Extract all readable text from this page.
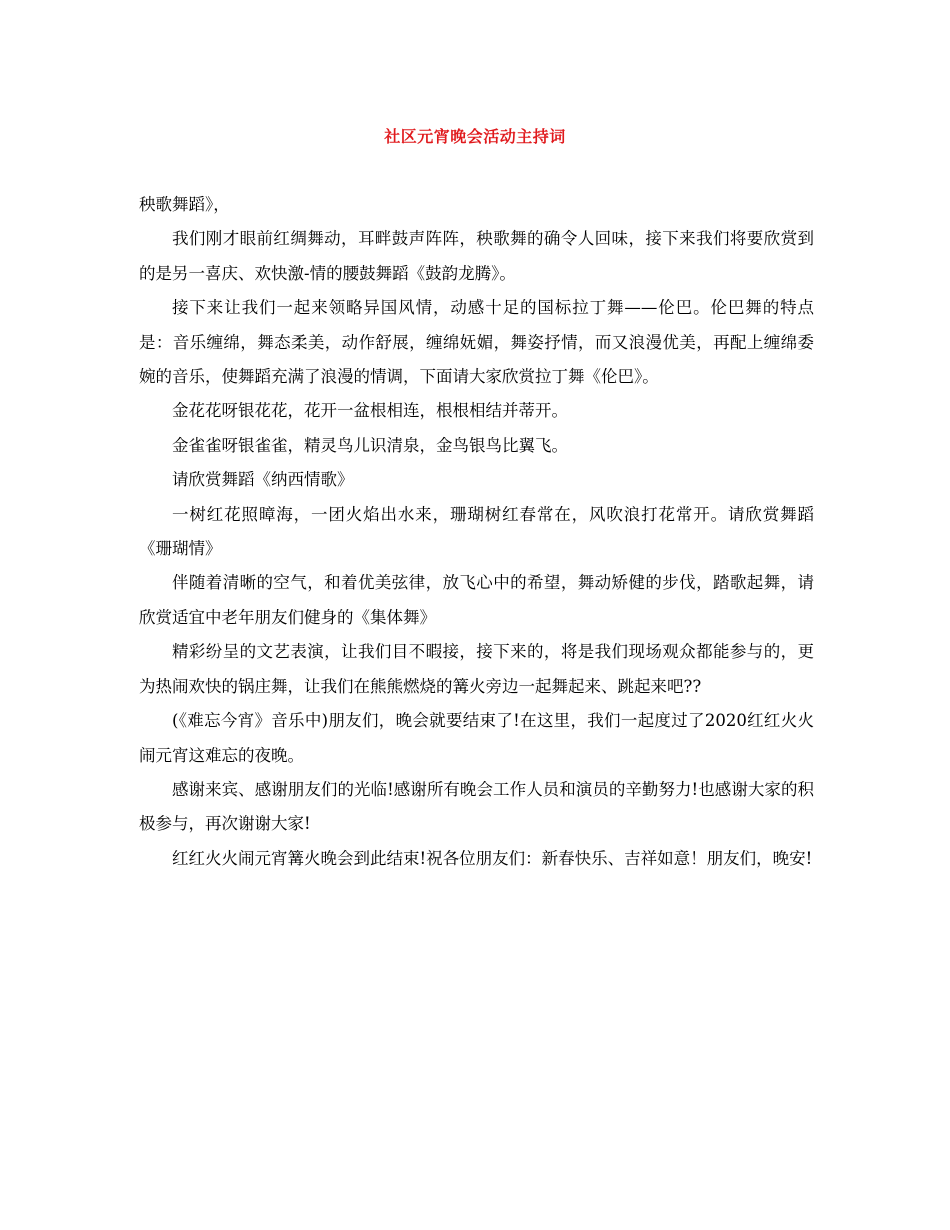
社区元宵晚会活动主持词

秧歌舞蹈》，

我们刚才眼前红绸舞动，耳畔鼓声阵阵，秧歌舞的确令人回味，接下来我们将要欣赏到的是另一喜庆、欢快激-情的腰鼓舞蹈《鼓韵龙腾》。

接下来让我们一起来领略异国风情，动感十足的国标拉丁舞——伦巴。伦巴舞的特点是：音乐缠绵，舞态柔美，动作舒展，缠绵妩媚，舞姿抒情，而又浪漫优美，再配上缠绵委婉的音乐，使舞蹈充满了浪漫的情调，下面请大家欣赏拉丁舞《伦巴》。

金花花呀银花花，花开一盆根相连，根根相结并蒂开。

金雀雀呀银雀雀，精灵鸟儿识清泉，金鸟银鸟比翼飞。

请欣赏舞蹈《纳西情歌》

一树红花照暲海，一团火焰出水来，珊瑚树红春常在，风吹浪打花常开。请欣赏舞蹈《珊瑚情》

伴随着清晰的空气，和着优美弦律，放飞心中的希望，舞动矫健的步伐，踏歌起舞，请欣赏适宜中老年朋友们健身的《集体舞》

精彩纷呈的文艺表演，让我们目不暇接，接下来的，将是我们现场观众都能参与的，更为热闹欢快的锅庄舞，让我们在熊熊燃烧的篝火旁边一起舞起来、跳起来吧??

(《难忘今宵》音乐中)朋友们，晚会就要结束了!在这里，我们一起度过了2020红红火火闹元宵这难忘的夜晚。

感谢来宾、感谢朋友们的光临!感谢所有晚会工作人员和演员的辛勤努力!也感谢大家的积极参与，再次谢谢大家!

红红火火闹元宵篝火晚会到此结束!祝各位朋友们：新春快乐、吉祥如意！朋友们，晚安!
